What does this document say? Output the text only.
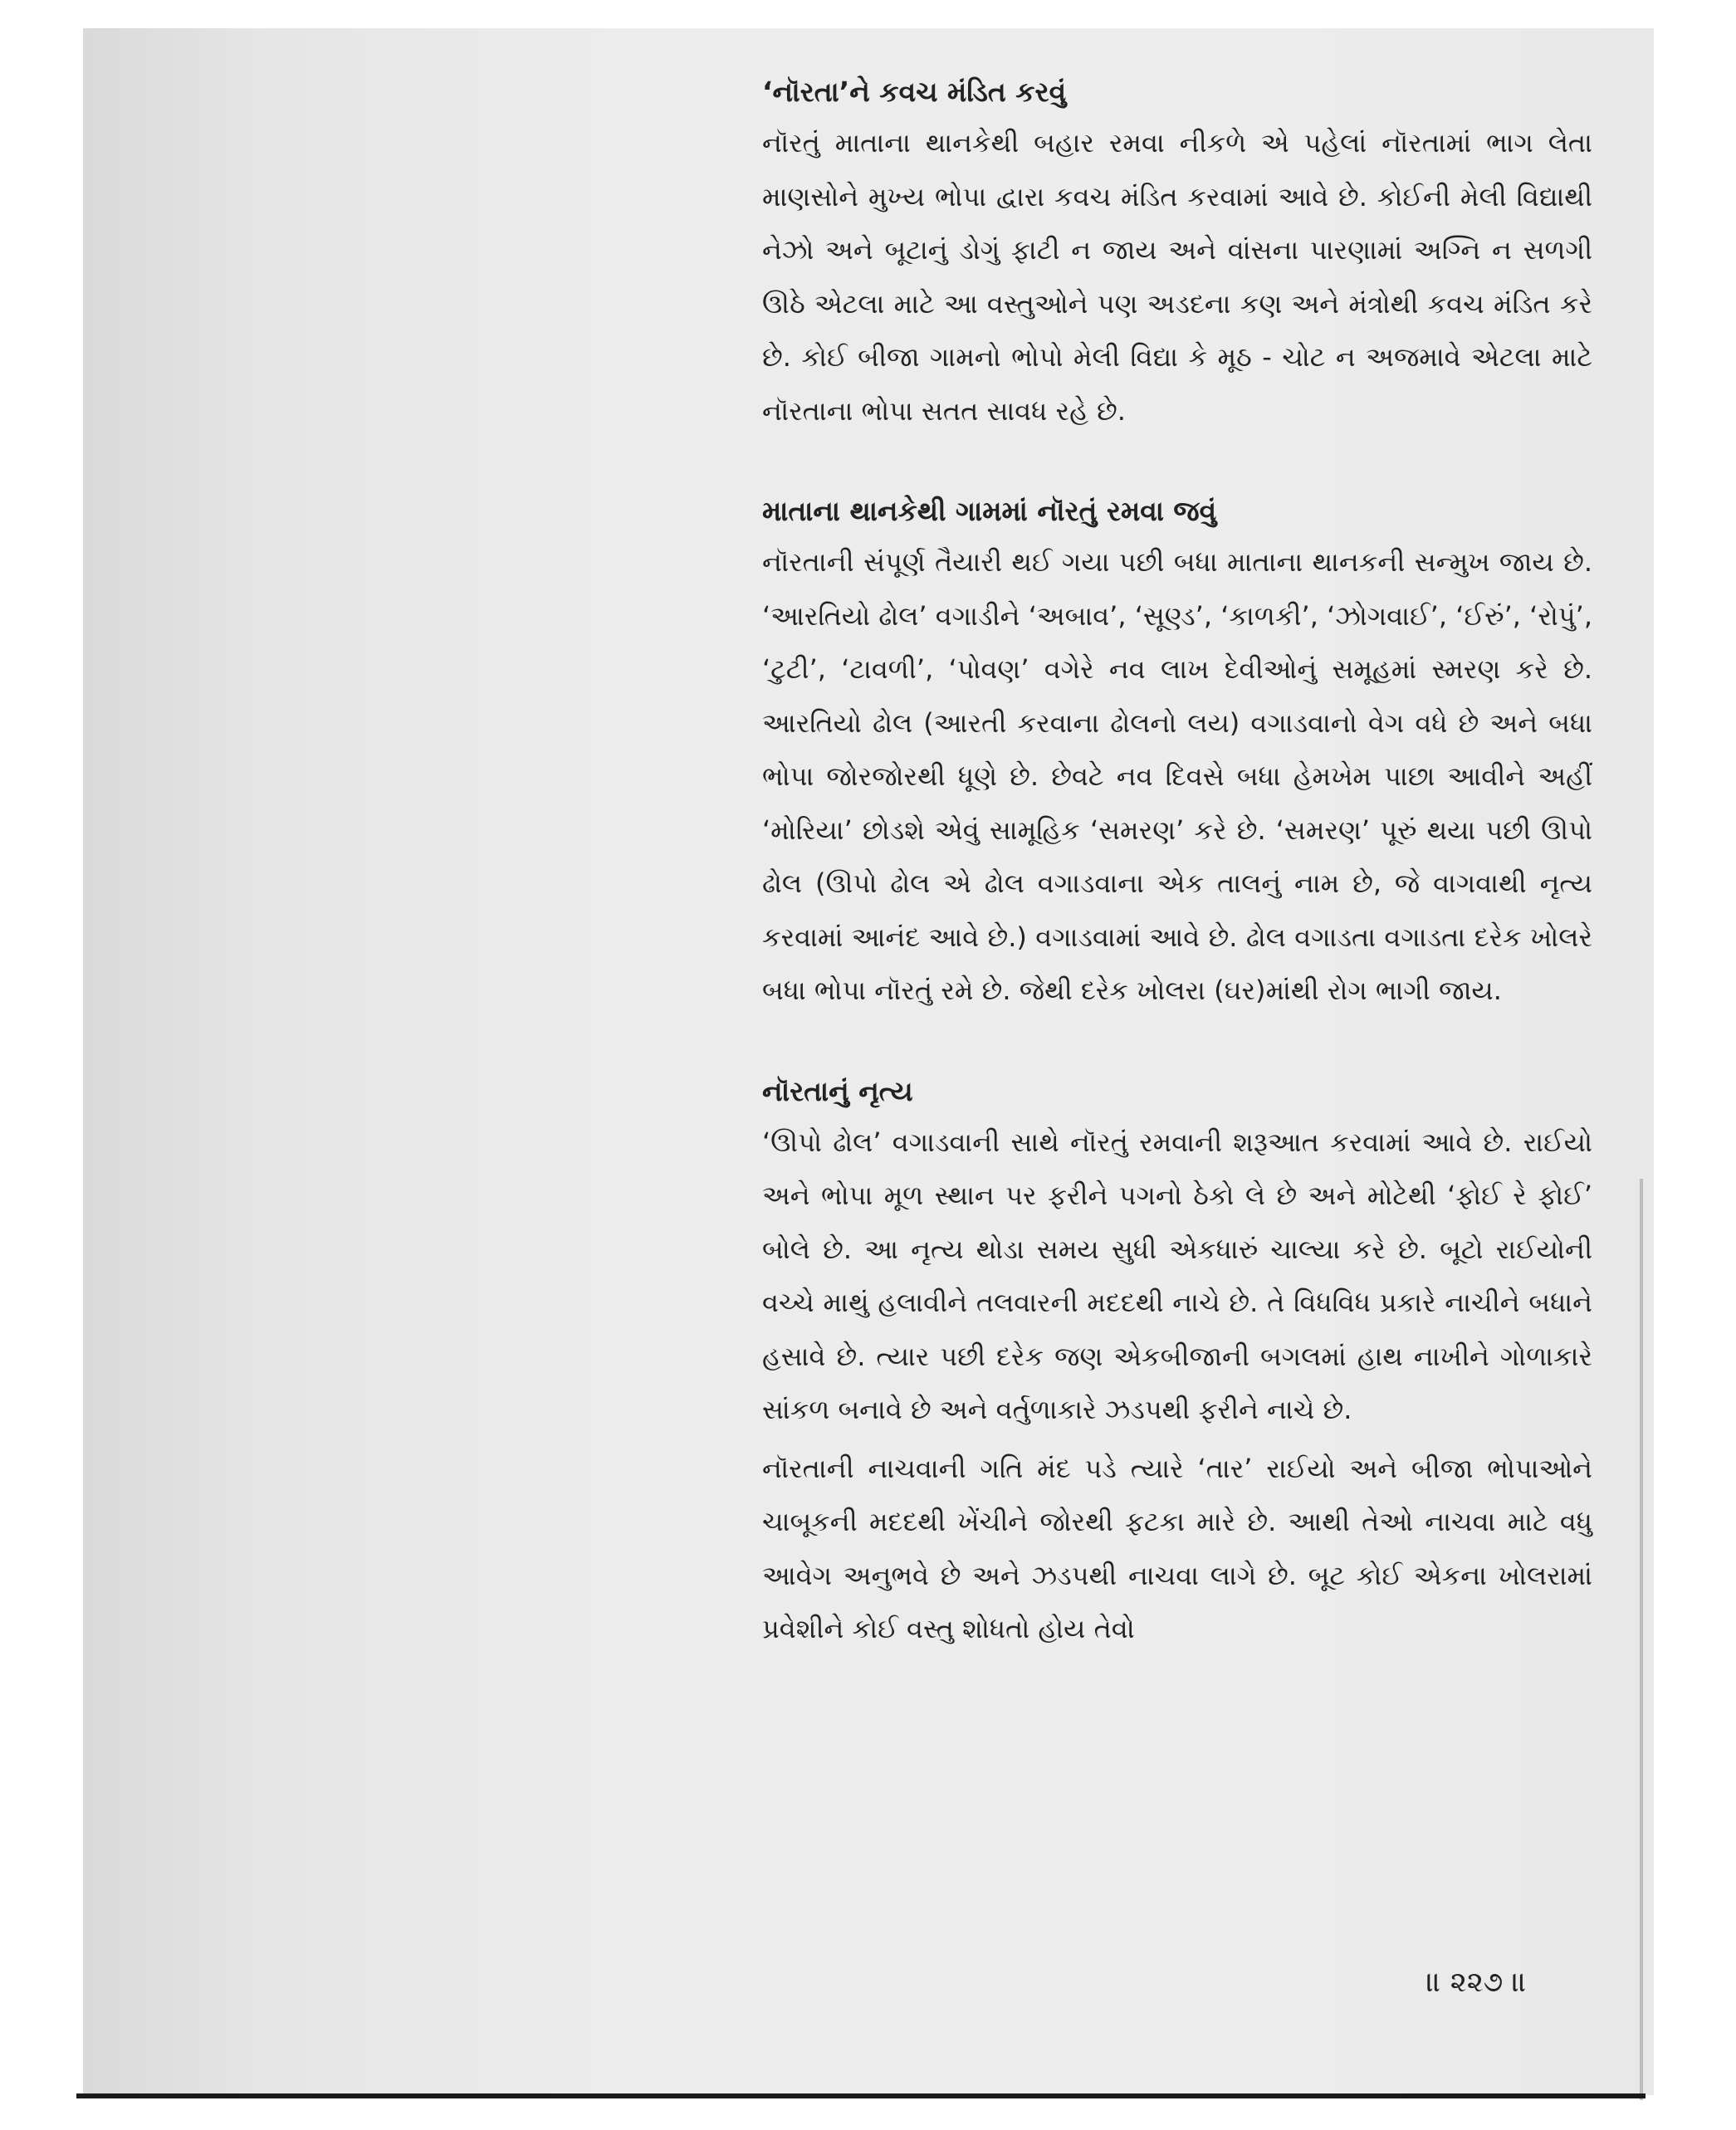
‘નૉરતા’ને કવચ મંડિત કરવું

નૉરતું માતાના થાનકેથી બહાર રમવા નીકળે એ પહેલાં નૉરતામાં ભાગ લેતા માણસોને મુખ્ય ભોપા દ્વારા કવચ મંડિત કરવામાં આવે છે. કોઈની મેલી વિદ્યાથી નેઝો અને બૂટાનું ડોગું ફાટી ન જાય અને વાંસના પારણામાં અગ્નિ ન સળગી ઊઠે એટલા માટે આ વસ્તુઓને પણ અડદના કણ અને મંત્રોથી કવચ મંડિત કરે છે. કોઈ બીજા ગામનો ભોપો મેલી વિદ્યા કે મૂઠ - ચોટ ન અજમાવે એટલા માટે નૉરતાના ભોપા સતત સાવધ રહે છે.

માતાના થાનકેથી ગામમાં નૉરતું રમવા જવું

નૉરતાની સંપૂર્ણ તૈયારી થઈ ગયા પછી બધા માતાના થાનકની સન્મુખ જાય છે. ‘આરતિયો ઢોલ’ વગાડીને ‘અબાવ’, ‘સૂણ્ડ’, ‘કાળકી’, ‘ઝોગવાઈ’, ‘ઈરું’, ‘રોપું’, ‘ટુટી’, ‘ટાવળી’, ‘પોવણ’ વગેરે નવ લાખ દેવીઓનું સમૂહમાં સ્મરણ કરે છે. આરતિયો ઢોલ (આરતી કરવાના ઢોલનો લય) વગાડવાનો વેગ વધે છે અને બધા ભોપા જોરજોરથી ધૂણે છે. છેવટે નવ દિવસે બધા હેમખેમ પાછા આવીને અહીં ‘મોરિયા’ છોડશે એવું સામૂહિક ‘સમરણ’ કરે છે. ‘સમરણ’ પૂરું થયા પછી ઊપો ઢોલ (ઊપો ઢોલ એ ઢોલ વગાડવાના એક તાલનું નામ છે, જે વાગવાથી નૃત્ય કરવામાં આનંદ આવે છે.) વગાડવામાં આવે છે. ઢોલ વગાડતા વગાડતા દરેક ખોલરે બધા ભોપા નૉરતું રમે છે. જેથી દરેક ખોલરા (ઘર)માંથી રોગ ભાગી જાય.

નૉરતાનું નૃત્ય

‘ઊપો ઢોલ’ વગાડવાની સાથે નૉરતું રમવાની શરૂઆત કરવામાં આવે છે. રાઈયો અને ભોપા મૂળ સ્થાન પર ફરીને પગનો ઠેકો લે છે અને મોટેથી ‘ફોઈ રે ફોઈ’ બોલે છે. આ નૃત્ય થોડા સમય સુધી એકધારું ચાલ્યા કરે છે. બૂટો રાઈયોની વચ્ચે માથું હલાવીને તલવારની મદદથી નાચે છે. તે વિધવિધ પ્રકારે નાચીને બધાને હસાવે છે. ત્યાર પછી દરેક જણ એકબીજાની બગલમાં હાથ નાખીને ગોળાકારે સાંકળ બનાવે છે અને વર્તુળાકારે ઝડપથી ફરીને નાચે છે.

નૉરતાની નાચવાની ગતિ મંદ પડે ત્યારે ‘તાર’ રાઈયો અને બીજા ભોપાઓને ચાબૂકની મદદથી ખેંચીને જોરથી ફટકા મારે છે. આથી તેઓ નાચવા માટે વધુ આવેગ અનુભવે છે અને ઝડપથી નાચવા લાગે છે. બૂટ કોઈ એકના ખોલરામાં પ્રવેશીને કોઈ વસ્તુ શોધતો હોય તેવો

॥ ૨૨૭ ॥
